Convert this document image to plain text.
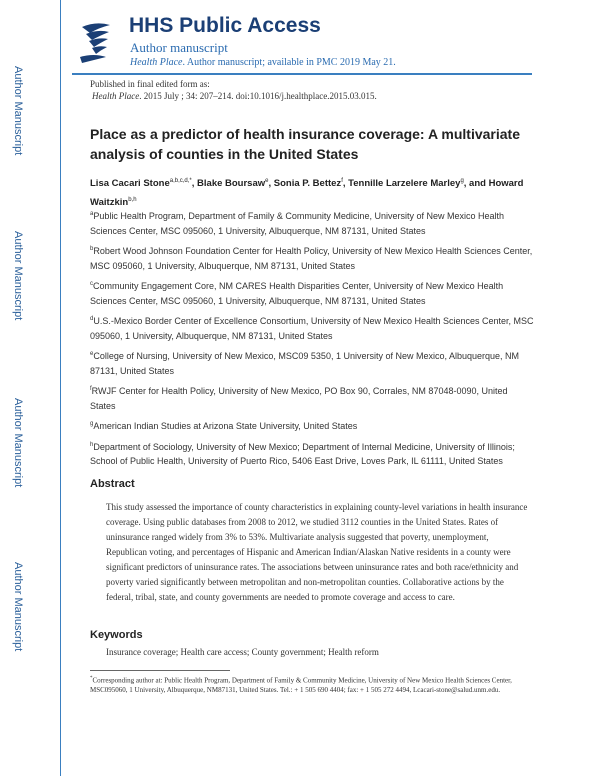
Author Manuscript
Author Manuscript
Author Manuscript
Author Manuscript
HHS Public Access
Author manuscript
Health Place. Author manuscript; available in PMC 2019 May 21.
Published in final edited form as:
Health Place. 2015 July ; 34: 207–214. doi:10.1016/j.healthplace.2015.03.015.
Place as a predictor of health insurance coverage: A multivariate analysis of counties in the United States
Lisa Cacari Stone$^{a,b,c,d,*}$, Blake Boursaw$^e$, Sonia P. Bettez$^f$, Tennille Larzelere Marley$^g$, and Howard Waitzkin$^{b,h}$
$^a$Public Health Program, Department of Family & Community Medicine, University of New Mexico Health Sciences Center, MSC 095060, 1 University, Albuquerque, NM 87131, United States
$^b$Robert Wood Johnson Foundation Center for Health Policy, University of New Mexico Health Sciences Center, MSC 095060, 1 University, Albuquerque, NM 87131, United States
$^c$Community Engagement Core, NM CARES Health Disparities Center, University of New Mexico Health Sciences Center, MSC 095060, 1 University, Albuquerque, NM 87131, United States
$^d$U.S.-Mexico Border Center of Excellence Consortium, University of New Mexico Health Sciences Center, MSC 095060, 1 University, Albuquerque, NM 87131, United States
$^e$College of Nursing, University of New Mexico, MSC09 5350, 1 University of New Mexico, Albuquerque, NM 87131, United States
$^f$RWJF Center for Health Policy, University of New Mexico, PO Box 90, Corrales, NM 87048-0090, United States
$^g$American Indian Studies at Arizona State University, United States
$^h$Department of Sociology, University of New Mexico; Department of Internal Medicine, University of Illinois; School of Public Health, University of Puerto Rico, 5406 East Drive, Loves Park, IL 61111, United States
Abstract
This study assessed the importance of county characteristics in explaining county-level variations in health insurance coverage. Using public databases from 2008 to 2012, we studied 3112 counties in the United States. Rates of uninsurance ranged widely from 3% to 53%. Multivariate analysis suggested that poverty, unemployment, Republican voting, and percentages of Hispanic and American Indian/Alaskan Native residents in a county were significant predictors of uninsurance rates. The associations between uninsurance rates and both race/ethnicity and poverty varied significantly between metropolitan and non-metropolitan counties. Collaborative actions by the federal, tribal, state, and county governments are needed to promote coverage and access to care.
Keywords
Insurance coverage; Health care access; County government; Health reform
*Corresponding author at: Public Health Program, Department of Family & Community Medicine, University of New Mexico Health Sciences Center, MSC095060, 1 University, Albuquerque, NM87131, United States. Tel.: + 1 505 690 4404; fax: + 1 505 272 4494, Lcacari-stone@salud.unm.edu.
